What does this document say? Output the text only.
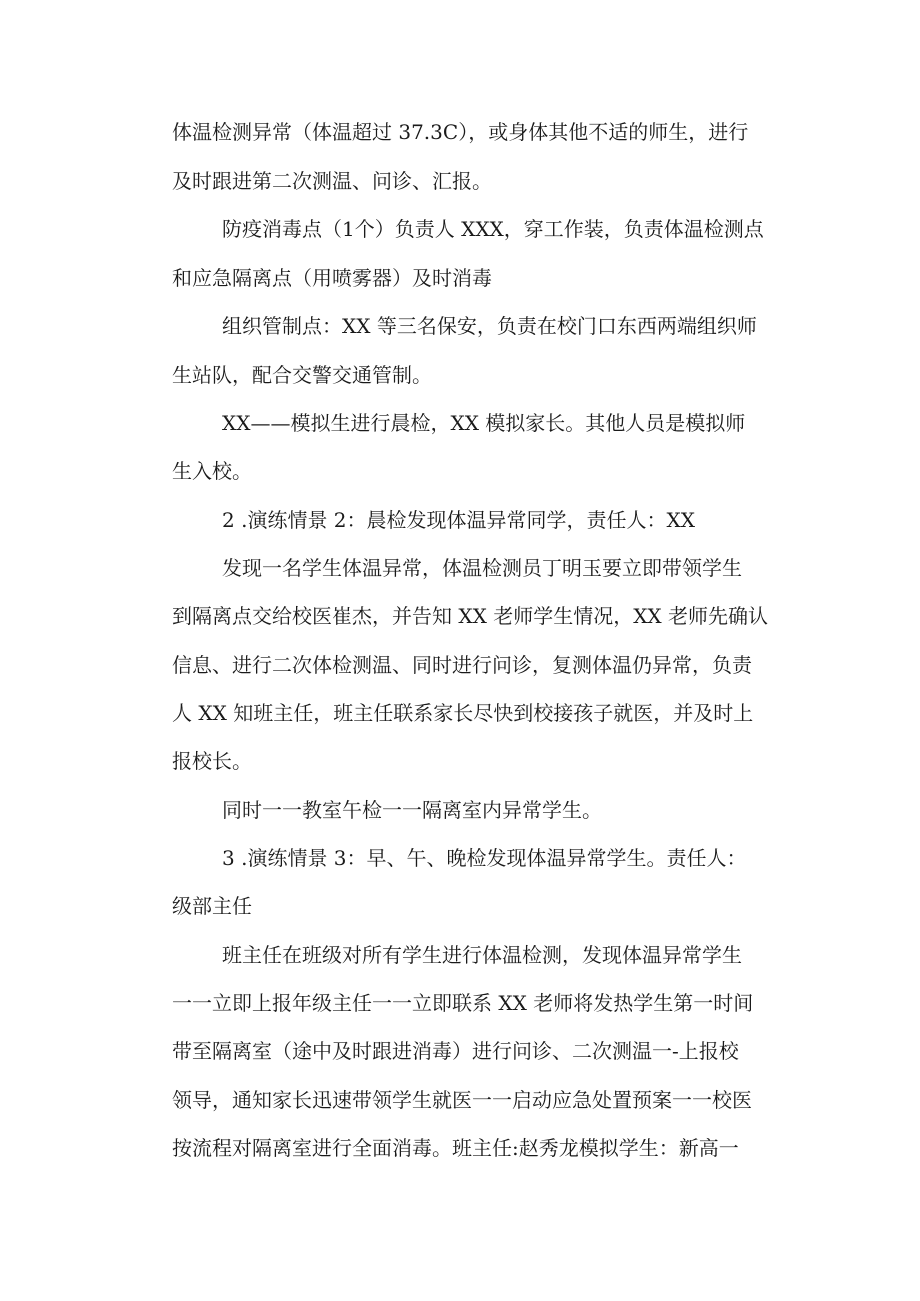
体温检测异常（体温超过 37.3C），或身体其他不适的师生，进行
及时跟进第二次测温、问诊、汇报。
防疫消毒点（1个）负责人 XXX，穿工作装，负责体温检测点
和应急隔离点（用喷雾器）及时消毒
组织管制点：XX 等三名保安，负责在校门口东西两端组织师
生站队，配合交警交通管制。
XX——模拟生进行晨检，XX 模拟家长。其他人员是模拟师
生入校。
2 .演练情景 2：晨检发现体温异常同学，责任人：XX
发现一名学生体温异常，体温检测员丁明玉要立即带领学生
到隔离点交给校医崔杰，并告知 XX 老师学生情况，XX 老师先确认
信息、进行二次体检测温、同时进行问诊，复测体温仍异常，负责
人 XX 知班主任，班主任联系家长尽快到校接孩子就医，并及时上
报校长。
同时一一教室午检一一隔离室内异常学生。
3 .演练情景 3：早、午、晚检发现体温异常学生。责任人：
级部主任
班主任在班级对所有学生进行体温检测，发现体温异常学生
一一立即上报年级主任一一立即联系 XX 老师将发热学生第一时间
带至隔离室（途中及时跟进消毒）进行问诊、二次测温一-上报校
领导，通知家长迅速带领学生就医一一启动应急处置预案一一校医
按流程对隔离室进行全面消毒。班主任:赵秀龙模拟学生：新高一
